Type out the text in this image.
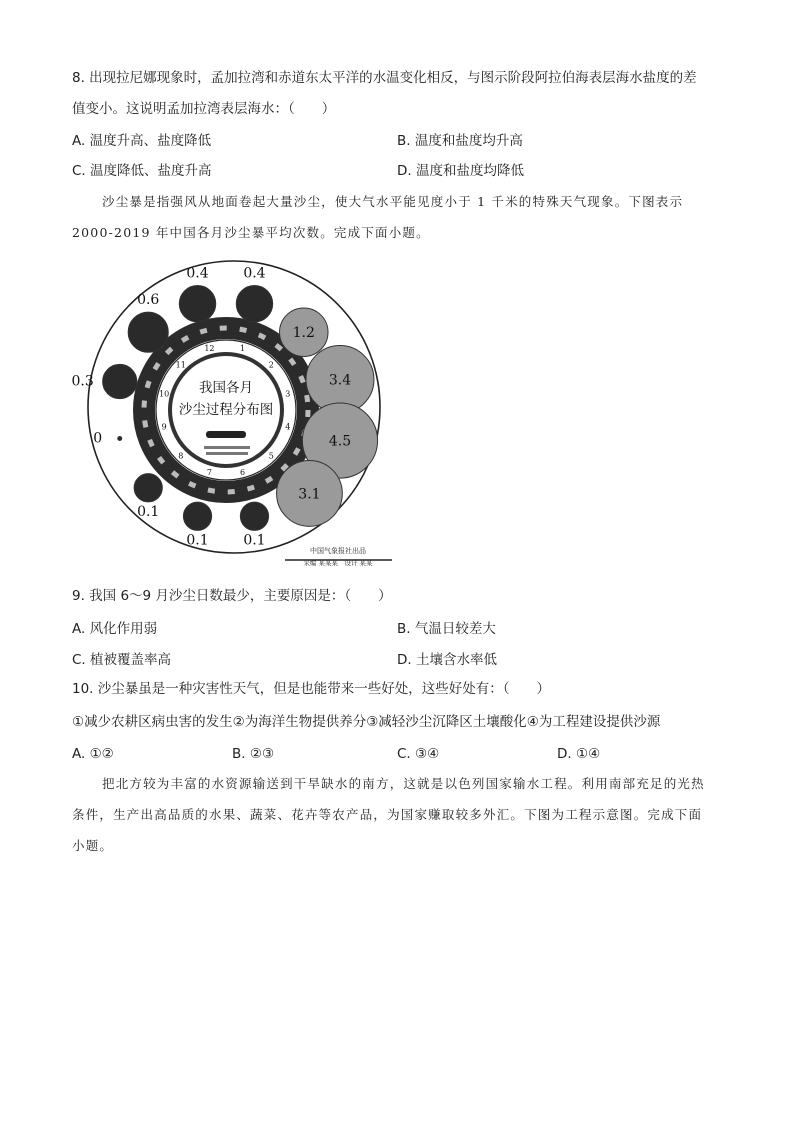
8. 出现拉尼娜现象时，孟加拉湾和赤道东太平洋的水温变化相反，与图示阶段阿拉伯海表层海水盐度的差
值变小。这说明孟加拉湾表层海水：（　　）
A. 温度升高、盐度降低	B. 温度和盐度均升高
C. 温度降低、盐度升高	D. 温度和盐度均降低
沙尘暴是指强风从地面卷起大量沙尘，使大气水平能见度小于 1 千米的特殊天气现象。下图表示
2000-2019 年中国各月沙尘暴平均次数。完成下面小题。
12	1
2
3
4
5
6
7
8
9
10
11
我国各月
沙尘过程分布图
0.4 0.4
1.2
3.4
4.5
3.1
0.1
0.1
0.1
0
0.3
0.6
中国气象报社出品
采编 某某某　设计 某某
9. 我国 6～9 月沙尘日数最少，主要原因是：（　　）
A. 风化作用弱	B. 气温日较差大
C. 植被覆盖率高	D. 土壤含水率低
10. 沙尘暴虽是一种灾害性天气，但是也能带来一些好处，这些好处有：（　　）
①减少农耕区病虫害的发生②为海洋生物提供养分③减轻沙尘沉降区土壤酸化④为工程建设提供沙源
A. ①②	B. ②③	C. ③④	D. ①④
把北方较为丰富的水资源输送到干旱缺水的南方，这就是以色列国家输水工程。利用南部充足的光热
条件，生产出高品质的水果、蔬菜、花卉等农产品，为国家赚取较多外汇。下图为工程示意图。完成下面
小题。
